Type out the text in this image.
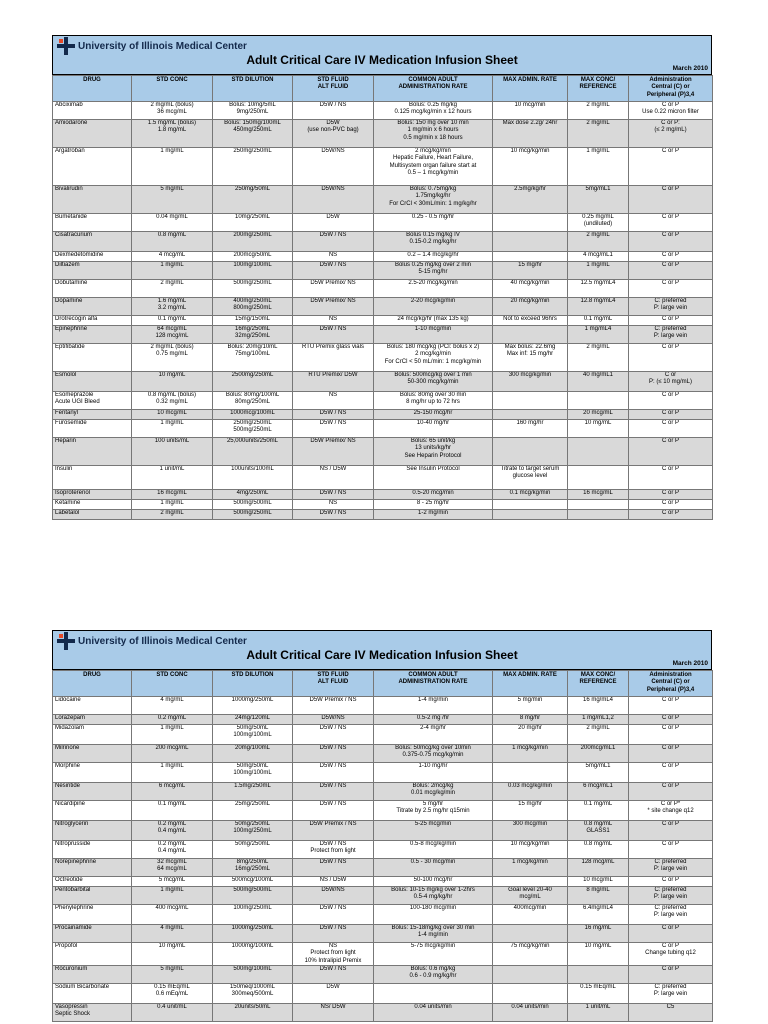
University of Illinois Medical Center
Adult Critical Care IV Medication Infusion Sheet
March 2010
DRUG	STD CONC	STD DILUTION	STD FLUID
ALT FLUID	COMMON ADULT
ADMINISTRATION RATE	MAX ADMIN. RATE	MAX CONC/
REFERENCE	Administration
Central (C) or
Peripheral (P)3,4

Abciximab	2 mg/mL (bolus)
36 mcg/mL	Bolus: 10mg/5mL
9mg/250mL	D5W / NS	Bolus: 0.25 mg/kg
0.125 mcg/kg/min x 12 hours	10 mcg/min	2 mg/mL	C or P
Use 0.22 micron filter

Amiodarone	1.5 mg/mL (bolus)
1.8 mg/mL	Bolus: 150mg/100mL
450mg/250mL	D5W
(use non-PVC bag)	Bolus: 150 mg over 10 min
1 mg/min x 6 hours
0.5 mg/min x 18 hours	Max dose 2.2g/ 24hr	2 mg/mL	C or P:
(≤ 2 mg/mL)

Argatroban	1 mg/mL	250mg/250mL	D5W/NS	2 mcg/kg/min
Hepatic Failure, Heart Failure,
Multisystem organ failure start at
0.5 – 1 mcg/kg/min	10 mcg/kg/min	1 mg/mL	C or P

Bivalirudin	5 mg/mL	250mg/50mL	D5W/NS	Bolus: 0.75mg/kg
1.75mg/kg/hr
For CrCl < 30mL/min: 1 mg/kg/hr	2.5mg/kg/hr	5mg/mL1	C or P

Bumetanide	0.04 mg/mL	10mg/250mL	D5W	0.25 - 0.5 mg/hr		0.25 mg/mL
(undiluted)	C or P

Cisatracurium	0.8 mg/mL	200mg/250mL	D5W / NS	Bolus 0.15 mg/kg IV
0.15-0.2 mg/kg/hr		2 mg/mL	C or P

Dexmedetomidine	4 mcg/mL	200mcg/50mL	NS	0.2 – 1.4 mcg/kg/hr		4 mcg/mL1	C or P

Diltiazem	1 mg/mL	100mg/100mL	D5W / NS	Bolus 0.25 mg/kg over 2 min
5-15 mg/hr	15 mg/hr	1 mg/mL	C or P

Dobutamine	2 mg/mL	500mg/250mL	D5W Premix/ NS	2.5-20 mcg/kg/min	40 mcg/kg/min	12.5 mg/mL4	C or P

Dopamine	1.6 mg/mL
3.2 mg/mL	400mg/250mL
800mg/250mL	D5W Premix/ NS	2-20 mcg/kg/min	20 mcg/kg/min	12.8 mg/mL4	C: preferred
P: large vein

Drotrecogin alfa	0.1 mg/mL	15mg/150mL	NS	24 mcg/kg/hr (max 135 kg)	Not to exceed 96hrs	0.1 mg/mL	C or P

Epinephrine	64 mcg/mL
128 mcg/mL	16mg/250mL
32mg/250mL	D5W / NS	1-10 mcg/min		1 mg/mL4	C: preferred
P: large vein

Eptifibatide	2 mg/mL (bolus)
0.75 mg/mL	Bolus: 20mg/10mL
75mg/100mL	RTU Premix glass vials	Bolus: 180 mcg/kg (PCI: bolus x 2)
2 mcg/kg/min
For CrCl < 50 mL/min: 1 mcg/kg/min	Max bolus: 22.6mg
Max inf: 15 mg/hr	2 mg/mL	C or P

Esmolol	10 mg/mL	2500mg/250mL	RTU Premix/ D5W	Bolus: 500mcg/kg over 1 min
50-300 mcg/kg/min	300 mcg/kg/min	40 mg/mL1	C or
P: (≤ 10 mg/mL)

Esomeprazole
Acute UGI Bleed	0.8 mg/mL (bolus)
0.32 mg/mL	Bolus: 80mg/100mL
80mg/250mL	NS	Bolus: 80mg over 30 min
8 mg/hr up to 72 hrs			C or P

Fentanyl	10 mcg/mL	1000mcg/100mL	D5W / NS	25-150 mcg/hr		20 mcg/mL	C or P

Furosemide	1 mg/mL	250mg/250mL
500mg/250mL	D5W / NS	10-40 mg/hr	160 mg/hr	10 mg/mL	C or P

Heparin	100 units/mL	25,000units/250mL	D5W Premix/ NS	Bolus: 65 unit/kg
13 units/kg/hr
See Heparin Protocol			C or P

Insulin	1 unit/mL	100units/100mL	NS / D5W	See Insulin Protocol	Titrate to target serum
glucose level		C or P

Isoproterenol	16 mcg/mL	4mg/250mL	D5W / NS	0.5-20 mcg/min	0.1 mcg/kg/min	16 mcg/mL	C or P

Ketamine	1 mg/mL	500mg/500mL	NS	8 - 25 mg/hr			C or P

Labetalol	2 mg/mL	500mg/250mL	D5W / NS	1-2 mg/min			C or P
University of Illinois Medical Center
Adult Critical Care IV Medication Infusion Sheet
March 2010
DRUG	STD CONC	STD DILUTION	STD FLUID
ALT FLUID	COMMON ADULT
ADMINISTRATION RATE	MAX ADMIN. RATE	MAX CONC/
REFERENCE	Administration
Central (C) or
Peripheral (P)3,4

Lidocaine	4 mg/mL	1000mg/250mL	D5W Premix / NS	1-4 mg/min	5 mg/min	16 mg/mL4	C or P

Lorazepam	0.2 mg/mL	24mg/120mL	D5W/NS	0.5-2 mg /hr	8 mg/hr	1 mg/mL1,2	C or P

Midazolam	1 mg/mL	50mg/50mL
100mg/100mL	D5W / NS	2-4 mg/hr	20 mg/hr	2 mg/mL	C or P

Milrinone	200 mcg/mL	20mg/100mL	D5W / NS	Bolus: 50mcg/kg over 10min
0.375-0.75 mcg/kg/min	1 mcg/kg/min	200mcg/mL1	C or P

Morphine	1 mg/mL	50mg/50mL
100mg/100mL	D5W / NS	1-10 mg/hr		5mg/mL1	C or P

Nesiritide	6 mcg/mL	1.5mg/250mL	D5W / NS	Bolus: 2mcg/kg
0.01 mcg/kg/min	0.03 mcg/kg/min	6 mcg/mL1	C or P

Nicardipine	0.1 mg/mL	25mg/250mL	D5W / NS	5 mg/hr
Titrate by 2.5 mg/hr q15min	15 mg/hr	0.1 mg/mL	C or P*
* site change q12

Nitroglycerin	0.2 mg/mL
0.4 mg/mL	50mg/250mL
100mg/250mL	D5W Premix / NS	5-25 mcg/min	300 mcg/min	0.8 mg/mL
GLASS1	C or P

Nitroprusside	0.2 mg/mL
0.4 mg/mL	50mg/250mL	D5W / NS
Protect from light	0.5-8 mcg/kg/min	10 mcg/kg/min	0.8 mg/mL	C or P

Norepinephrine	32 mcg/mL
64 mcg/mL	8mg/250mL
16mg/250mL	D5W / NS	0.5 - 30 mcg/min	1 mcg/kg/min	128 mcg/mL	C: preferred
P: large vein

Octreotide	5 mcg/mL	500mcg/100mL	NS / D5W	50-100 mcg/hr		10 mcg/mL	C or P

Pentobarbital	1 mg/mL	500mg/500mL	D5W/NS	Bolus: 10-15 mg/kg over 1-2hrs
0.5-4 mg/kg/hr	Goal level 20-40
mcg/mL	8 mg/mL	C: preferred
P: large vein

Phenylephrine	400 mcg/mL	100mg/250mL	D5W / NS	100-180 mcg/min	400mcg/min	6.4mg/mL4	C: preferred
P: large vein

Procainamide	4 mg/mL	1000mg/250mL	D5W / NS	Bolus: 15-18mg/kg over 30 min
1-4 mg/min		16 mg/mL	C or P

Propofol	10 mg/mL	1000mg/100mL	NS
Protect from light
10% Intralipid Premix	5-75 mcg/kg/min	75 mcg/kg/min	10 mg/mL	C or P
Change tubing q12

Rocuronium	5 mg/mL	500mg/100mL	D5W / NS	Bolus: 0.6 mg/kg
0.6 - 0.9 mg/kg/hr			C or P

Sodium Bicarbonate	0.15 mEq/mL
0.6 mEq/mL	150meq/1000mL
300meq/500mL	D5W			0.15 mEq/mL	C: preferred
P: large vein

Vasopressin
Septic Shock	0.4 unit/mL	20units/50mL	NS/ D5W	0.04 units/min	0.04 units/min	1 unit/mL	C5
